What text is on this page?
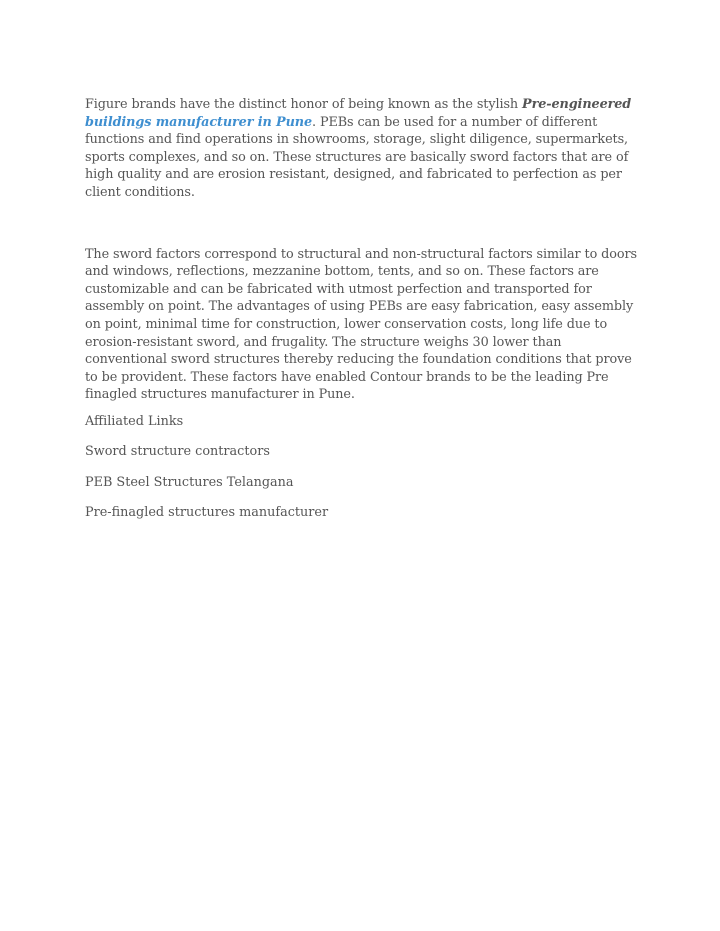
Figure brands have the distinct honor of being known as the stylish Pre-engineered buildings manufacturer in Pune. PEBs can be used for a number of different functions and find operations in showrooms, storage, slight diligence, supermarkets, sports complexes, and so on. These structures are basically sword factors that are of high quality and are erosion resistant, designed, and fabricated to perfection as per client conditions.

The sword factors correspond to structural and non-structural factors similar to doors and windows, reflections, mezzanine bottom, tents, and so on. These factors are customizable and can be fabricated with utmost perfection and transported for assembly on point. The advantages of using PEBs are easy fabrication, easy assembly on point, minimal time for construction, lower conservation costs, long life due to erosion-resistant sword, and frugality. The structure weighs 30 lower than conventional sword structures thereby reducing the foundation conditions that prove to be provident. These factors have enabled Contour brands to be the leading Pre finagled structures manufacturer in Pune.

Affiliated Links
Sword structure contractors
PEB Steel Structures Telangana
Pre-finagled structures manufacturer
